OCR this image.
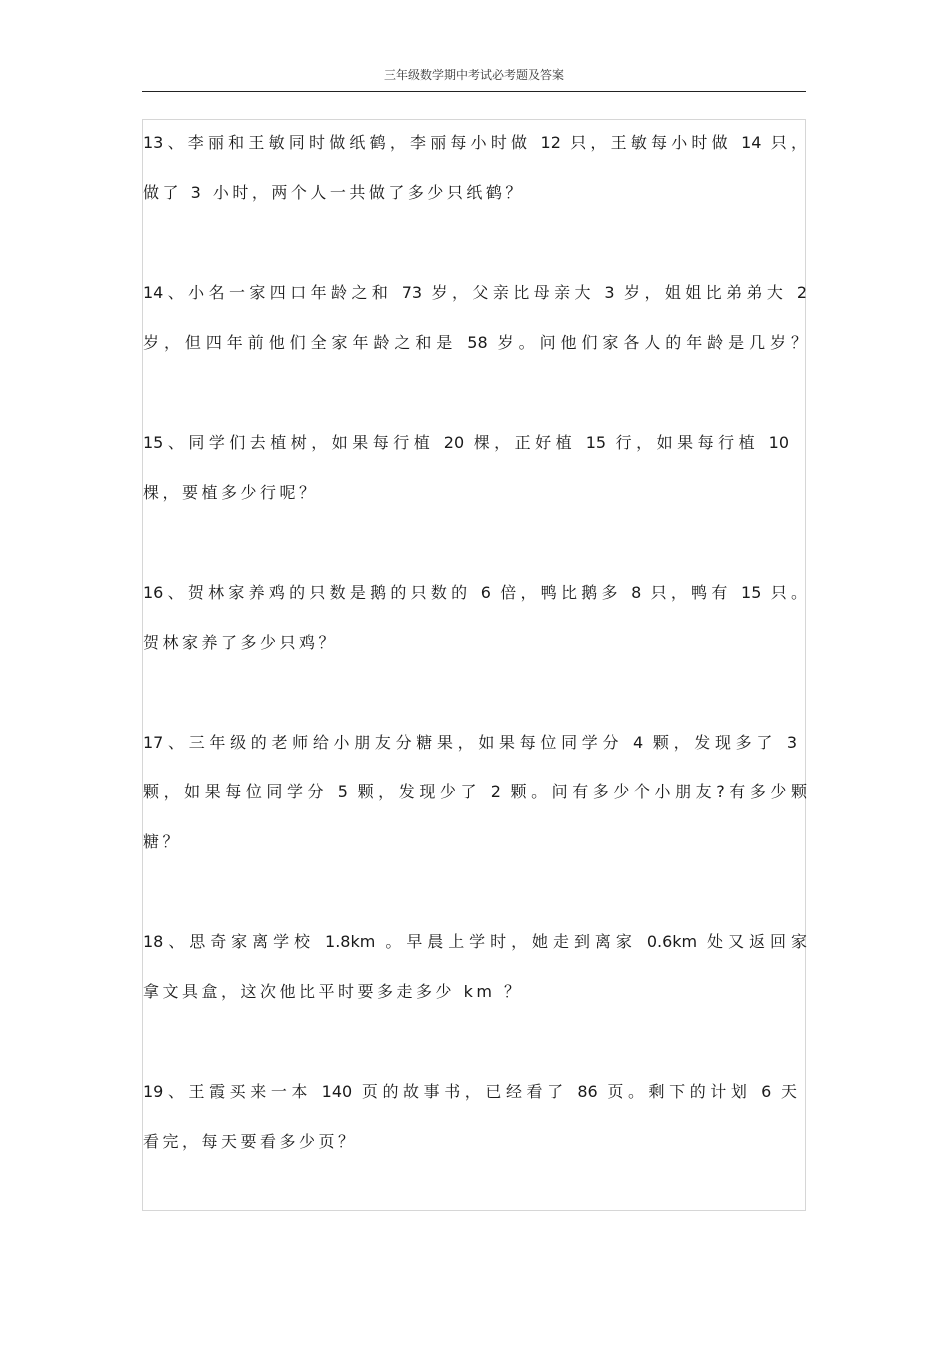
三年级数学期中考试必考题及答案
13、李丽和王敏同时做纸鹤，李丽每小时做 12 只，王敏每小时做 14 只，
做了 3 小时，两个人一共做了多少只纸鹤？
14、小名一家四口年龄之和 73 岁，父亲比母亲大 3 岁，姐姐比弟弟大 2
岁，但四年前他们全家年龄之和是 58 岁。问他们家各人的年龄是几岁？
15、同学们去植树，如果每行植 20 棵，正好植 15 行，如果每行植 10
棵，要植多少行呢？
16、贺林家养鸡的只数是鹅的只数的 6 倍，鸭比鹅多 8 只，鸭有 15 只。
贺林家养了多少只鸡？
17、三年级的老师给小朋友分糖果，如果每位同学分 4 颗，发现多了 3
颗，如果每位同学分 5 颗，发现少了 2 颗。问有多少个小朋友?有多少颗
糖？
18、思奇家离学校 1.8km 。早晨上学时，她走到离家 0.6km 处又返回家
拿文具盒，这次他比平时要多走多少 km ？
19、王霞买来一本 140 页的故事书，已经看了 86 页。剩下的计划 6 天
看完，每天要看多少页？
